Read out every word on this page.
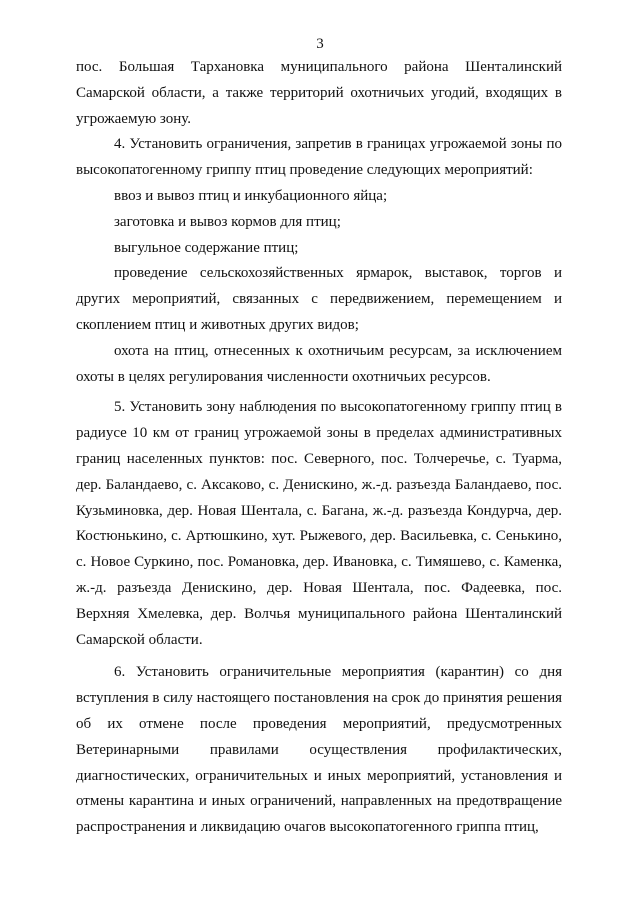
3

пос. Большая Тархановка муниципального района Шенталинский Самарской области, а также территорий охотничьих угодий, входящих в угрожаемую зону.

4. Установить ограничения, запретив в границах угрожаемой зоны по высокопатогенному гриппу птиц проведение следующих мероприятий:

ввоз и вывоз птиц и инкубационного яйца;

заготовка и вывоз кормов для птиц;

выгульное содержание птиц;

проведение сельскохозяйственных ярмарок, выставок, торгов и других мероприятий, связанных с передвижением, перемещением и скоплением птиц и животных других видов;

охота на птиц, отнесенных к охотничьим ресурсам, за исключением охоты в целях регулирования численности охотничьих ресурсов.

5. Установить зону наблюдения по высокопатогенному гриппу птиц в радиусе 10 км от границ угрожаемой зоны в пределах административных границ населенных пунктов: пос. Северного, пос. Толчеречье, с. Туарма, дер. Баландаево, с. Аксаково, с. Денискино, ж.-д. разъезда Баландаево, пос. Кузьминовка, дер. Новая Шентала, с. Багана, ж.-д. разъезда Кондурча, дер. Костюнькино, с. Артюшкино, хут. Рыжевого, дер. Васильевка, с. Сенькино, с. Новое Суркино, пос. Романовка, дер. Ивановка, с. Тимяшево, с. Каменка, ж.-д. разъезда Денискино, дер. Новая Шентала, пос. Фадеевка, пос. Верхняя Хмелевка, дер. Волчья муниципального района Шенталинский Самарской области.

6. Установить ограничительные мероприятия (карантин) со дня вступления в силу настоящего постановления на срок до принятия решения об их отмене после проведения мероприятий, предусмотренных Ветеринарными правилами осуществления профилактических, диагностических, ограничительных и иных мероприятий, установления и отмены карантина и иных ограничений, направленных на предотвращение распространения и ликвидацию очагов высокопатогенного гриппа птиц,
